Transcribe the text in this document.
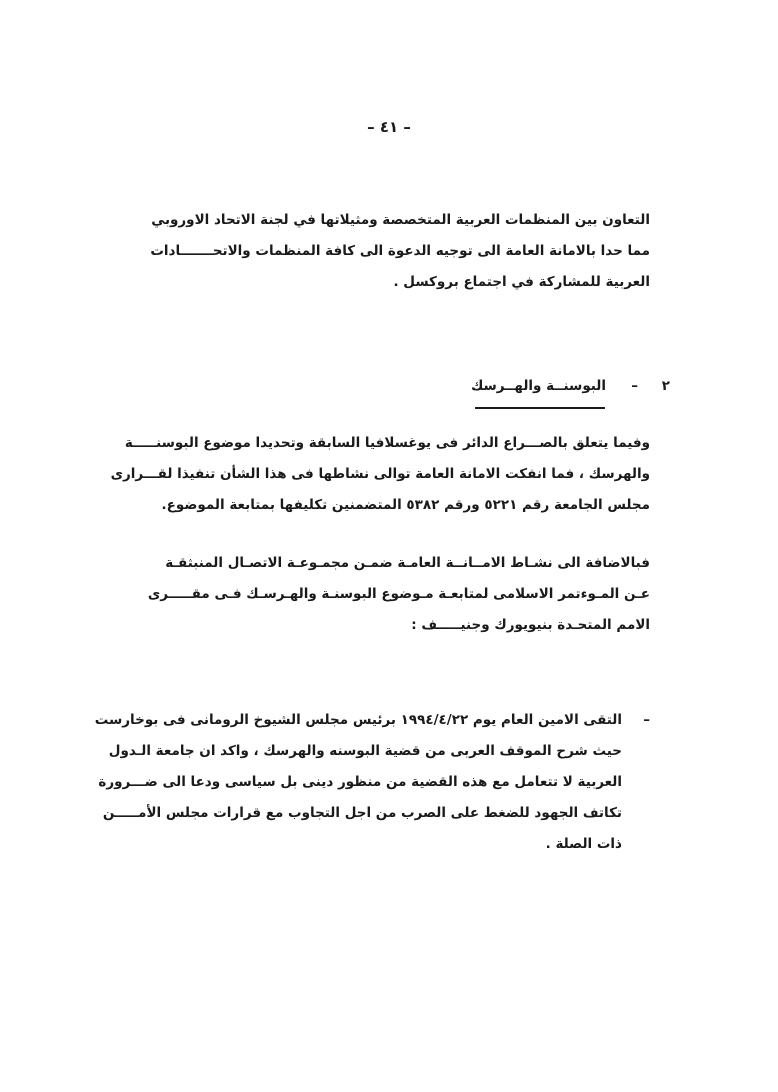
– ٤١ –
التعاون بين المنظمات العربية المتخصصة ومثيلاتها في لجنة الاتحاد الاوروبي
مما حدا بالامانة العامة الى توجيه الدعوة الى كافة المنظمات والاتحـــــــادات
العربية للمشاركة في اجتماع بروكسل .
٢
–
البوسنــة والهــرسك
وفيما يتعلق بالصـــراع الدائر فى يوغسلافيا السابقة وتحديدا موضوع البوسنـــــة
والهرسك ، فما انفكت الامانة العامة توالى نشاطها فى هذا الشأن تنفيذا لقـــرارى
مجلس الجامعة رقم ٥٢٢١ ورقم ٥٣٨٢ المتضمنين تكليفها بمتابعة الموضوع.
فبالاضافة الى نشـاط الامــانــة العامـة ضمـن مجمـوعـة الاتصـال المنبثقـة
عـن المـوءتمر الاسلامى لمتابعـة مـوضوع البوسنـة والهـرسـك فـى مقـــــرى
الامم المتحـدة بنيويورك وجنيـــــف :
–
التقى الامين العام يوم ١٩٩٤/٤/٢٢ برئيس مجلس الشيوخ الرومانى فى بوخارست
حيث شرح الموقف العربى من قضية البوسنه والهرسك ، واكد ان جامعة الـدول
العربية لا تتعامل مع هذه القضية من منظور دينى بل سياسى ودعا الى ضـــرورة
تكاتف الجهود للضغط على الصرب من اجل التجاوب مع قرارات مجلس الأمـــــن
ذات الصلة .
